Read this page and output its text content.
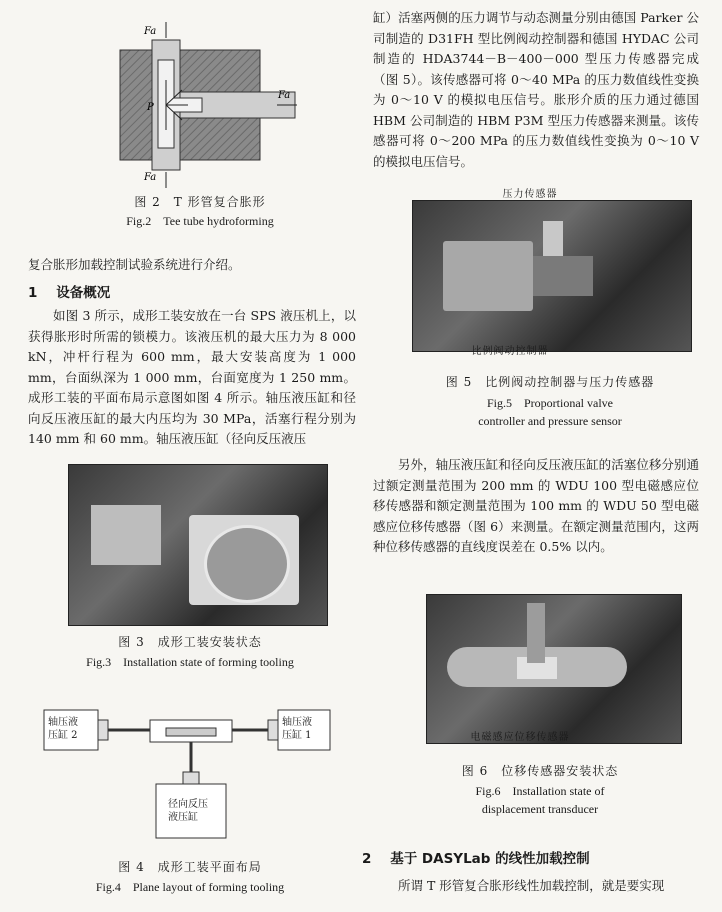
Fa
Fa
Fa
P
图 2　T 形管复合胀形
Fig.2　Tee tube hydroforming

复合胀形加载控制试验系统进行介绍。

1 设备概况

如图 3 所示，成形工装安放在一台 SPS 液压机上，以获得胀形时所需的锁模力。该液压机的最大压力为 8 000 kN，冲杆行程为 600 mm，最大安装高度为 1 000 mm，台面纵深为 1 000 mm，台面宽度为 1 250 mm。成形工装的平面布局示意图如图 4 所示。轴压液压缸和径向反压液压缸的最大内压均为 30 MPa，活塞行程分别为 140 mm 和 60 mm。轴压液压缸（径向反压液压

图 3　成形工装安装状态
Fig.3　Installation state of forming tooling
轴压液
压缸 2
轴压液
压缸 1
径向反压
液压缸
图 4　成形工装平面布局
Fig.4　Plane layout of forming tooling

缸）活塞两侧的压力调节与动态测量分别由德国 Parker 公司制造的 D31FH 型比例阀动控制器和德国 HYDAC 公司制造的 HDA3744－B－400－000 型压力传感器完成（图 5）。该传感器可将 0～40 MPa 的压力数值线性变换为 0～10 V 的模拟电压信号。胀形介质的压力通过德国 HBM 公司制造的 HBM P3M 型压力传感器来测量。该传感器可将 0～200 MPa 的压力数值线性变换为 0～10 V 的模拟电压信号。

压力传感器
比例阀动控制器
图 5　比例阀动控制器与压力传感器
Fig.5　Proportional valve
controller and pressure sensor

另外，轴压液压缸和径向反压液压缸的活塞位移分别通过额定测量范围为 200 mm 的 WDU 100 型电磁感应位移传感器和额定测量范围为 100 mm 的 WDU 50 型电磁感应位移传感器（图 6）来测量。在额定测量范围内，这两种位移传感器的直线度误差在 0.5% 以内。

电磁感应位移传感器
图 6　位移传感器安装状态
Fig.6　Installation state of
displacement transducer
2 基于 DASYLab 的线性加载控制

所谓 T 形管复合胀形线性加载控制，就是要实现
